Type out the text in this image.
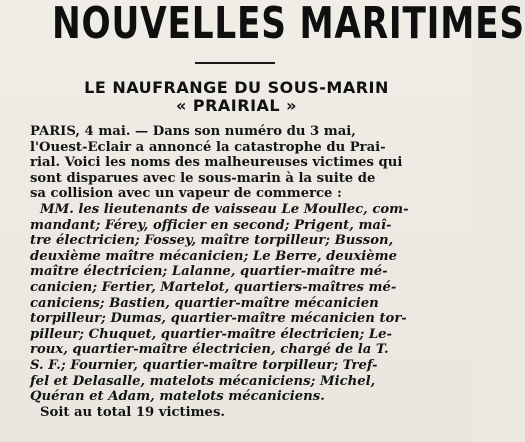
NOUVELLES MARITIMES
LE NAUFRANGE DU SOUS-MARIN
« PRAIRIAL »
PARIS, 4 mai. — Dans son numéro du 3 mai,
l'Ouest-Eclair a annoncé la catastrophe du Prai-
rial. Voici les noms des malheureuses victimes qui
sont disparues avec le sous-marin à la suite de
sa collision avec un vapeur de commerce :
MM. les lieutenants de vaisseau Le Moullec, com-
mandant; Férey, officier en second; Prigent, maî-
tre électricien; Fossey, maître torpilleur; Busson,
deuxième maître mécanicien; Le Berre, deuxième
maître électricien; Lalanne, quartier-maître mé-
canicien; Fertier, Martelot, quartiers-maîtres mé-
caniciens; Bastien, quartier-maître mécanicien
torpilleur; Dumas, quartier-maître mécanicien tor-
pilleur; Chuquet, quartier-maître électricien; Le-
roux, quartier-maître électricien, chargé de la T.
S. F.; Fournier, quartier-maître torpilleur; Tref-
fel et Delasalle, matelots mécaniciens; Michel,
Quéran et Adam, matelots mécaniciens.
Soit au total 19 victimes.
